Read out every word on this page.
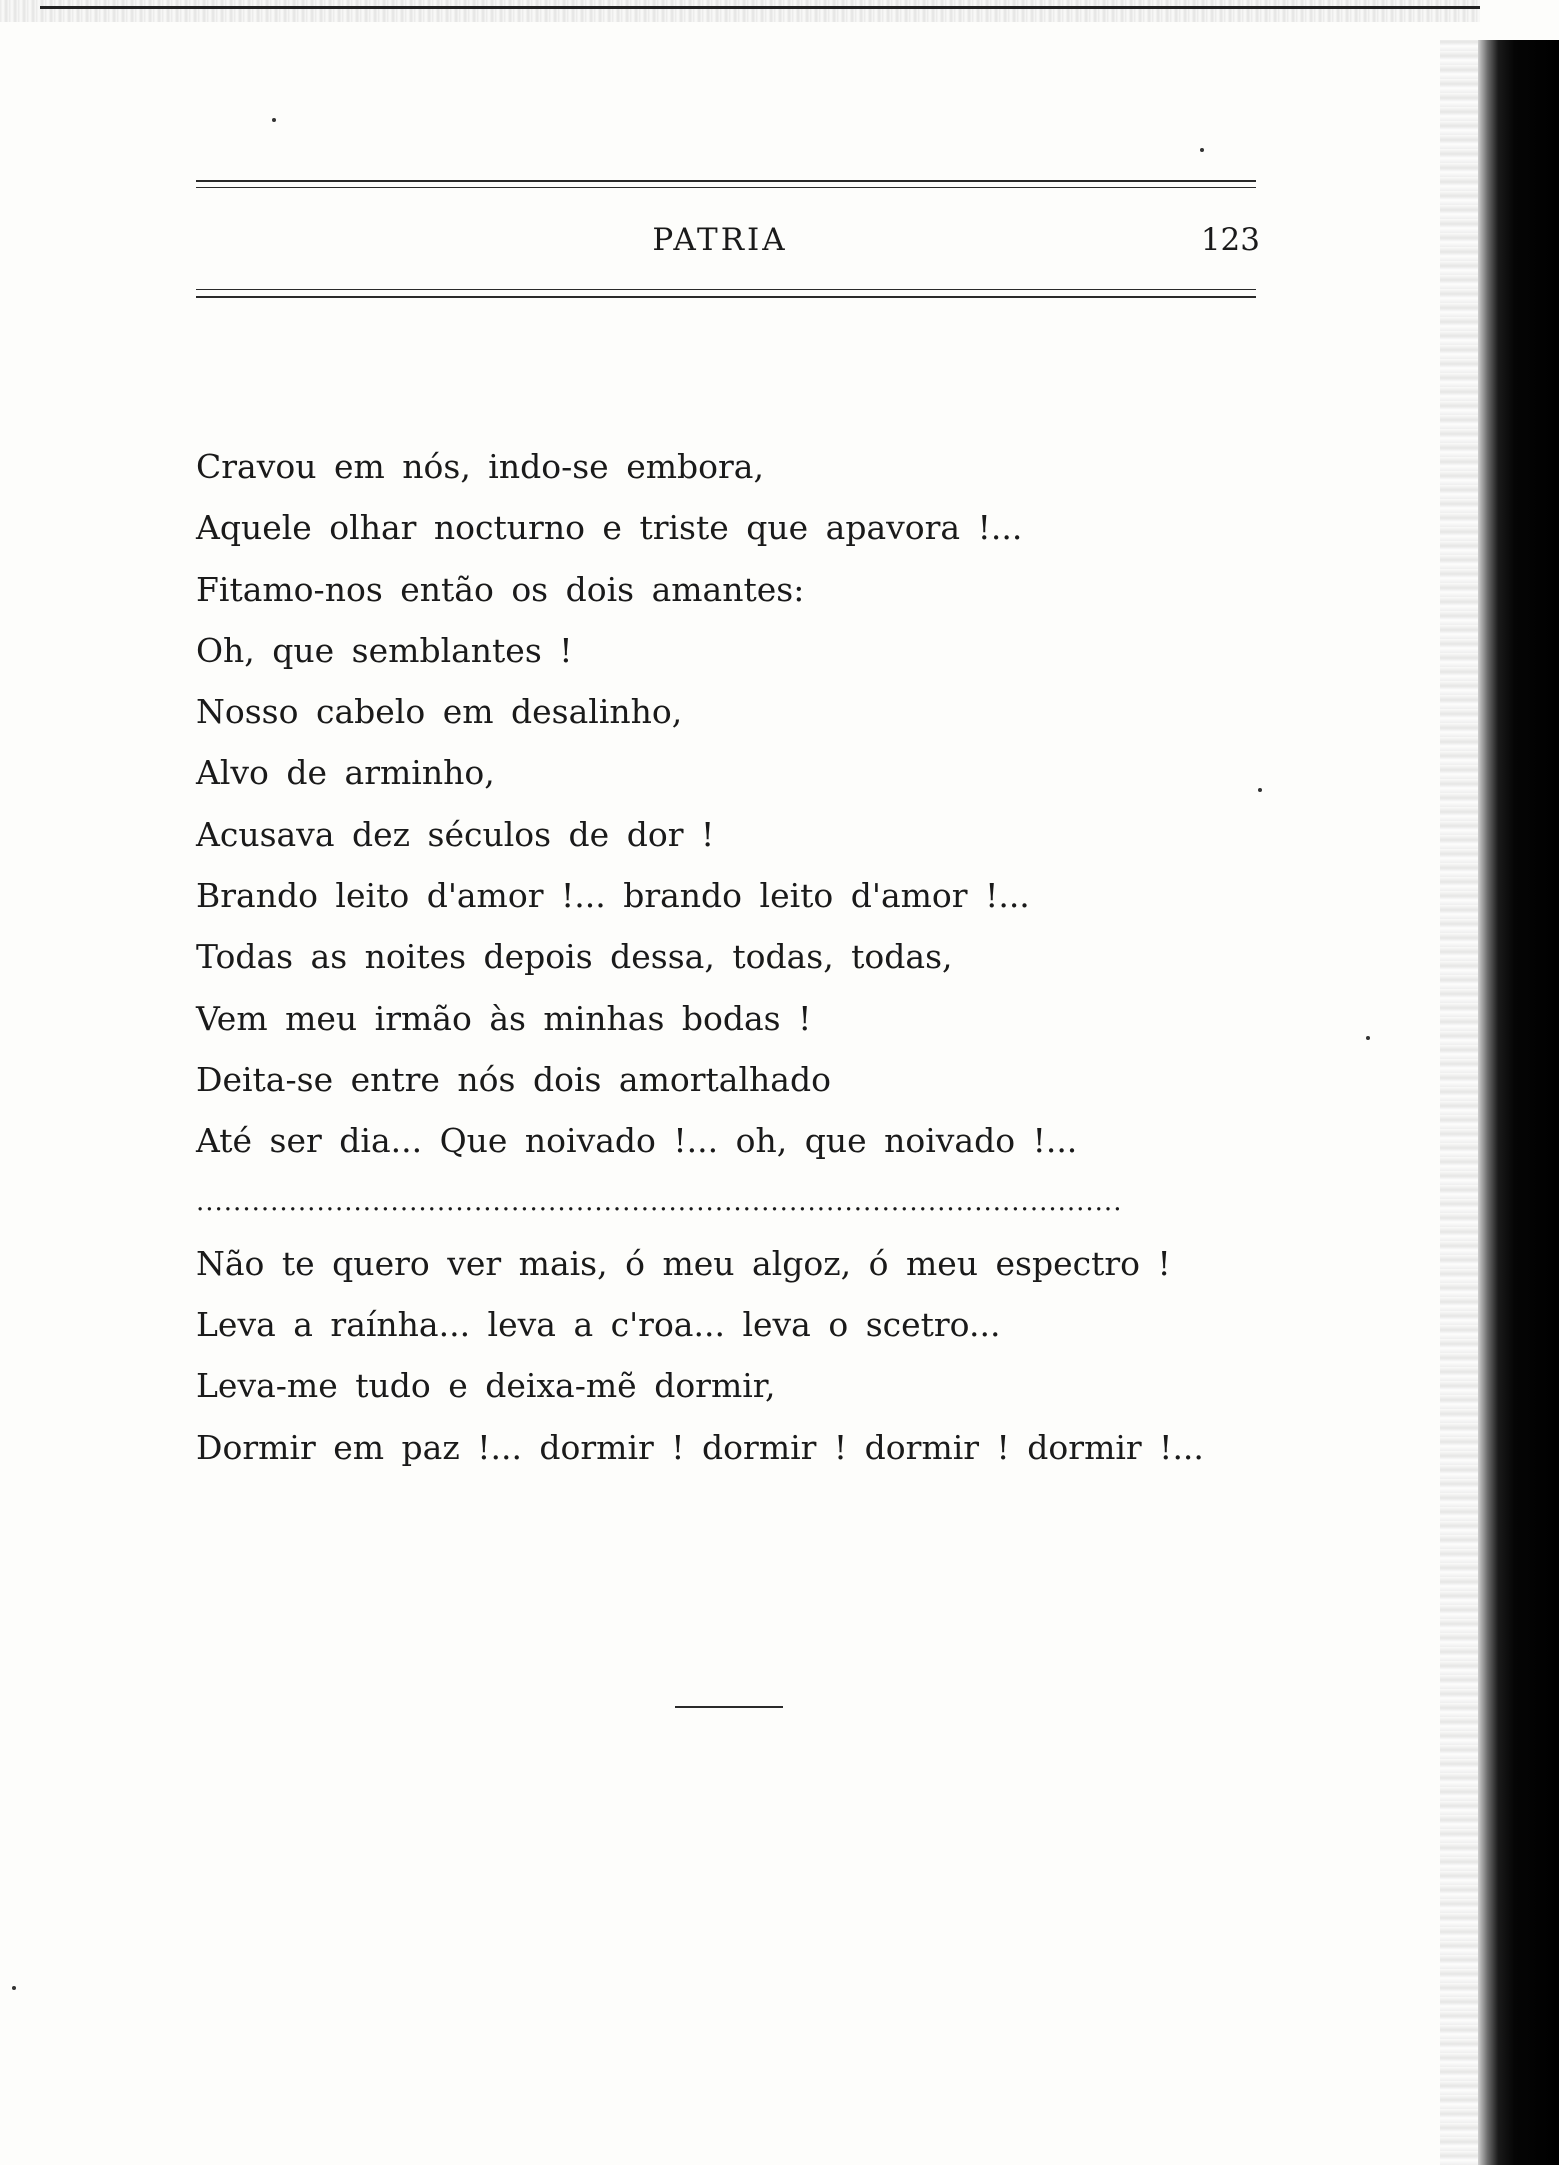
PATRIA	123
Cravou em nós, indo-se embora,
Aquele olhar nocturno e triste que apavora !...
Fitamo-nos então os dois amantes:
Oh, que semblantes !
Nosso cabelo em desalinho,
Alvo de arminho,
Acusava dez séculos de dor !
Brando leito d'amor !... brando leito d'amor !...
Todas as noites depois dessa, todas, todas,
Vem meu irmão às minhas bodas !
Deita-se entre nós dois amortalhado
Até ser dia... Que noivado !... oh, que noivado !...
....................................................................................................
Não te quero ver mais, ó meu algoz, ó meu espectro !
Leva a raínha... leva a c'roa... leva o scetro...
Leva-me tudo e deixa-mẽ dormir,
Dormir em paz !... dormir ! dormir ! dormir ! dormir !...
